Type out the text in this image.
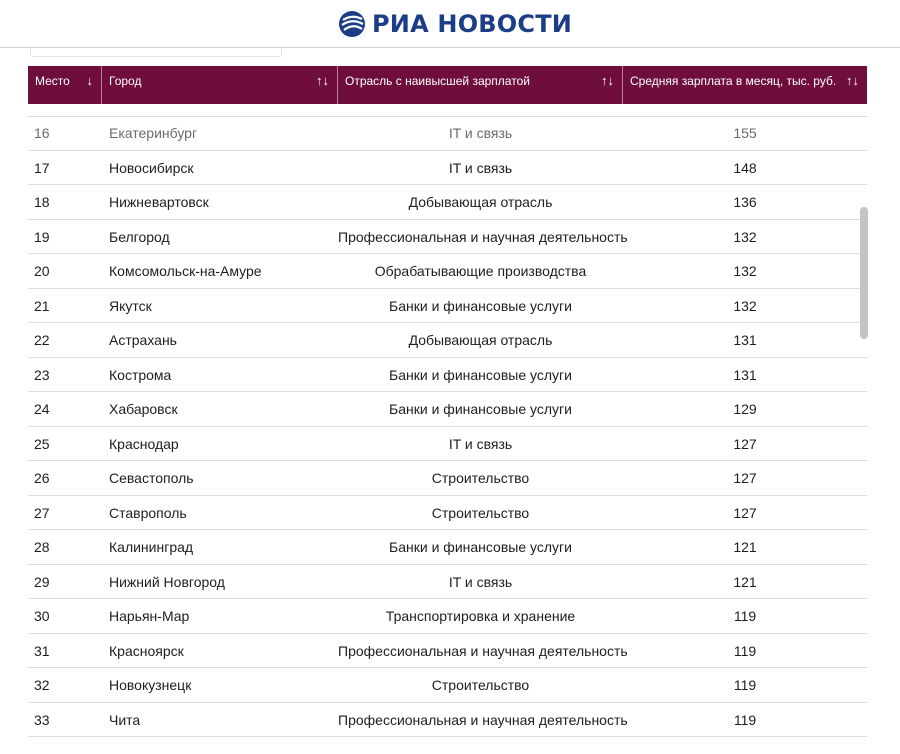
РИА НОВОСТИ
Место ↓	Город	↑↓	Отрасль с наивысшей зарплатой	↑↓	Средняя зарплата в месяц, тыс. руб. ↑↓
16	Екатеринбург	IT и связь	155
17	Новосибирск	IT и связь	148
18	Нижневартовск	Добывающая отрасль	136
19	Белгород	Профессиональная и научная деятельность	132
20	Комсомольск-на-Амуре	Обрабатывающие производства	132
21	Якутск	Банки и финансовые услуги	132
22	Астрахань	Добывающая отрасль	131
23	Кострома	Банки и финансовые услуги	131
24	Хабаровск	Банки и финансовые услуги	129
25	Краснодар	IT и связь	127
26	Севастополь	Строительство	127
27	Ставрополь	Строительство	127
28	Калининград	Банки и финансовые услуги	121
29	Нижний Новгород	IT и связь	121
30	Нарьян-Мар	Транспортировка и хранение	119
31	Красноярск	Профессиональная и научная деятельность	119
32	Новокузнецк	Строительство	119
33	Чита	Профессиональная и научная деятельность	119
